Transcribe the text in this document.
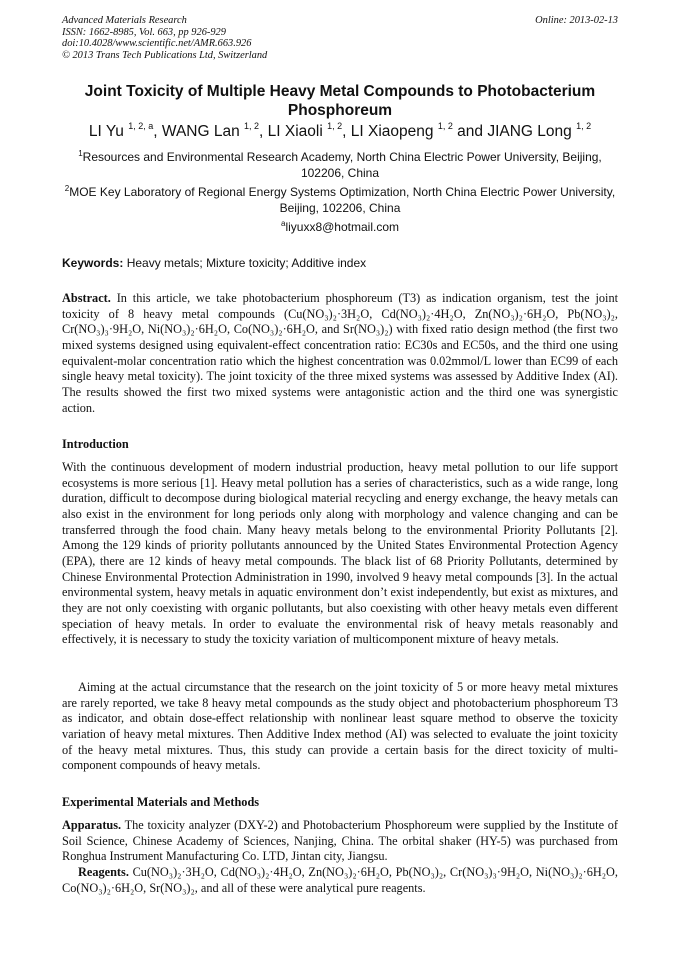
Advanced Materials Research
ISSN: 1662-8985, Vol. 663, pp 926-929
doi:10.4028/www.scientific.net/AMR.663.926
© 2013 Trans Tech Publications Ltd, Switzerland
Online: 2013-02-13
Joint Toxicity of Multiple Heavy Metal Compounds to Photobacterium Phosphoreum
LI Yu $^{1, 2, a}$, WANG Lan $^{1, 2}$, LI Xiaoli $^{1, 2}$, LI Xiaopeng $^{1, 2}$ and JIANG Long $^{1, 2}$
$^1$Resources and Environmental Research Academy, North China Electric Power University, Beijing, 102206, China
$^2$MOE Key Laboratory of Regional Energy Systems Optimization, North China Electric Power University, Beijing, 102206, China
$^a$liyuxx8@hotmail.com
Keywords: Heavy metals; Mixture toxicity; Additive index
Abstract. In this article, we take photobacterium phosphoreum (T3) as indication organism, test the joint toxicity of 8 heavy metal compounds (Cu(NO₃)₂·3H₂O, Cd(NO₃)₂·4H₂O, Zn(NO₃)₂·6H₂O, Pb(NO₃)₂, Cr(NO₃)₃·9H₂O, Ni(NO₃)₂·6H₂O, Co(NO₃)₂·6H₂O, and Sr(NO₃)₂) with fixed ratio design method (the first two mixed systems designed using equivalent-effect concentration ratio: EC30s and EC50s, and the third one using equivalent-molar concentration ratio which the highest concentration was 0.02mmol/L lower than EC99 of each single heavy metal toxicity). The joint toxicity of the three mixed systems was assessed by Additive Index (AI). The results showed the first two mixed systems were antagonistic action and the third one was synergistic action.
Introduction
With the continuous development of modern industrial production, heavy metal pollution to our life support ecosystems is more serious [1]. Heavy metal pollution has a series of characteristics, such as a wide range, long duration, difficult to decompose during biological material recycling and energy exchange, the heavy metals can also exist in the environment for long periods only along with morphology and valence changing and can be transferred through the food chain. Many heavy metals belong to the environmental Priority Pollutants [2]. Among the 129 kinds of priority pollutants announced by the United States Environmental Protection Agency (EPA), there are 12 kinds of heavy metal compounds. The black list of 68 Priority Pollutants, determined by Chinese Environmental Protection Administration in 1990, involved 9 heavy metal compounds [3]. In the actual environmental system, heavy metals in aquatic environment don’t exist independently, but exist as mixtures, and they are not only coexisting with organic pollutants, but also coexisting with other heavy metals even different speciation of heavy metals. In order to evaluate the environmental risk of heavy metals reasonably and effectively, it is necessary to study the toxicity variation of multicomponent mixture of heavy metals.
Aiming at the actual circumstance that the research on the joint toxicity of 5 or more heavy metal mixtures are rarely reported, we take 8 heavy metal compounds as the study object and photobacterium phosphoreum T3 as indicator, and obtain dose-effect relationship with nonlinear least square method to observe the toxicity variation of heavy metal mixtures. Then Additive Index method (AI) was selected to evaluate the joint toxicity of the heavy metal mixtures. Thus, this study can provide a certain basis for the direct toxicity of multi-component compounds of heavy metals.
Experimental Materials and Methods
Apparatus. The toxicity analyzer (DXY-2) and Photobacterium Phosphoreum were supplied by the Institute of Soil Science, Chinese Academy of Sciences, Nanjing, China. The orbital shaker (HY-5) was purchased from Ronghua Instrument Manufacturing Co. LTD, Jintan city, Jiangsu.
Reagents. Cu(NO₃)₂·3H₂O, Cd(NO₃)₂·4H₂O, Zn(NO₃)₂·6H₂O, Pb(NO₃)₂, Cr(NO₃)₃·9H₂O, Ni(NO₃)₂·6H₂O, Co(NO₃)₂·6H₂O, Sr(NO₃)₂, and all of these were analytical pure reagents.
